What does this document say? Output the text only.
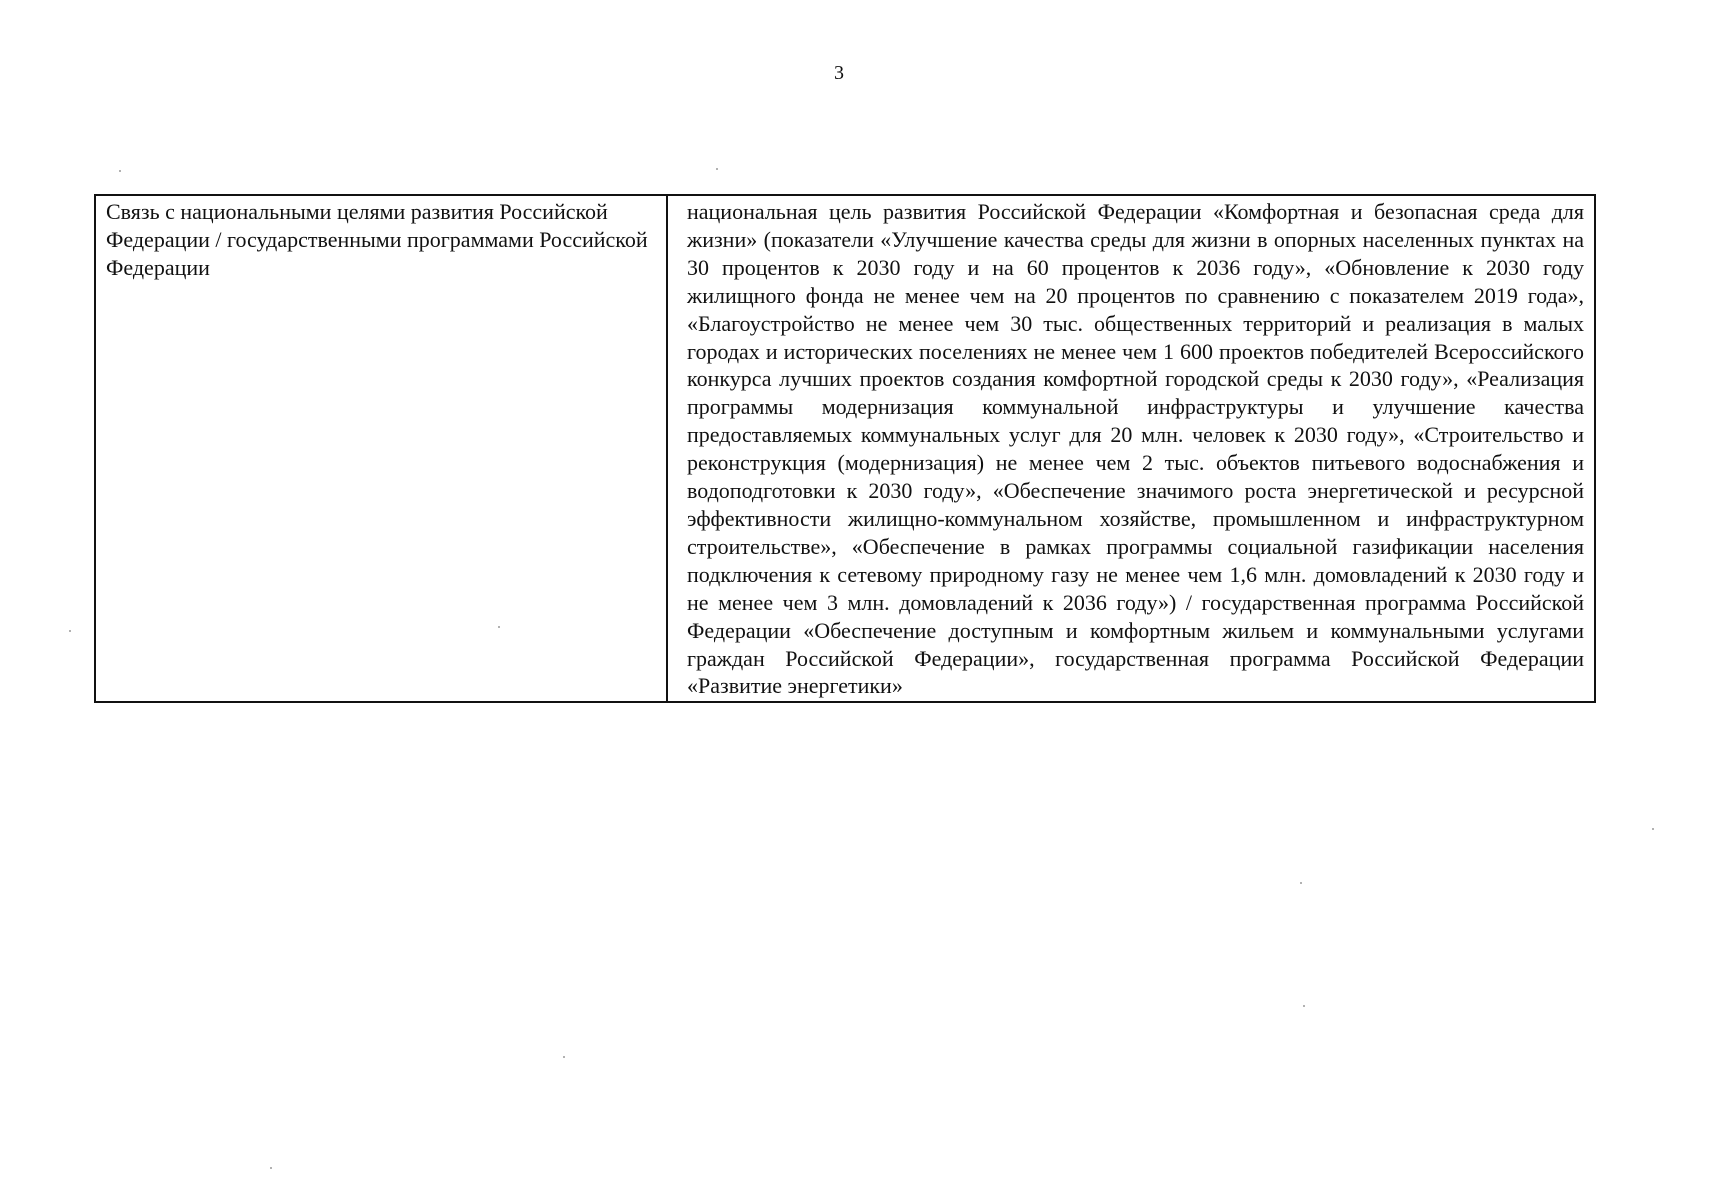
3
Связь с национальными целями развития Российской Федерации / государственными программами Российской Федерации	национальная цель развития Российской Федерации «Комфортная и безопасная среда для жизни» (показатели «Улучшение качества среды для жизни в опорных населенных пунктах на 30 процентов к 2030 году и на 60 процентов к 2036 году», «Обновление к 2030 году жилищного фонда не менее чем на 20 процентов по сравнению с показателем 2019 года», «Благоустройство не менее чем 30 тыс. общественных территорий и реализация в малых городах и исторических поселениях не менее чем 1 600 проектов победителей Всероссийского конкурса лучших проектов создания комфортной городской среды к 2030 году», «Реализация программы модернизация коммунальной инфраструктуры и улучшение качества предоставляемых коммунальных услуг для 20 млн. человек к 2030 году», «Строительство и реконструкция (модернизация) не менее чем 2 тыс. объектов питьевого водоснабжения и водоподготовки к 2030 году», «Обеспечение значимого роста энергетической и ресурсной эффективности жилищно-коммунальном хозяйстве, промышленном и инфраструктурном строительстве», «Обеспечение в рамках программы социальной газификации населения подключения к сетевому природному газу не менее чем 1,6 млн. домовладений к 2030 году и не менее чем 3 млн. домовладений к 2036 году») / государственная программа Российской Федерации «Обеспечение доступным и комфортным жильем и коммунальными услугами граждан Российской Федерации», государственная программа Российской Федерации «Развитие энергетики»
